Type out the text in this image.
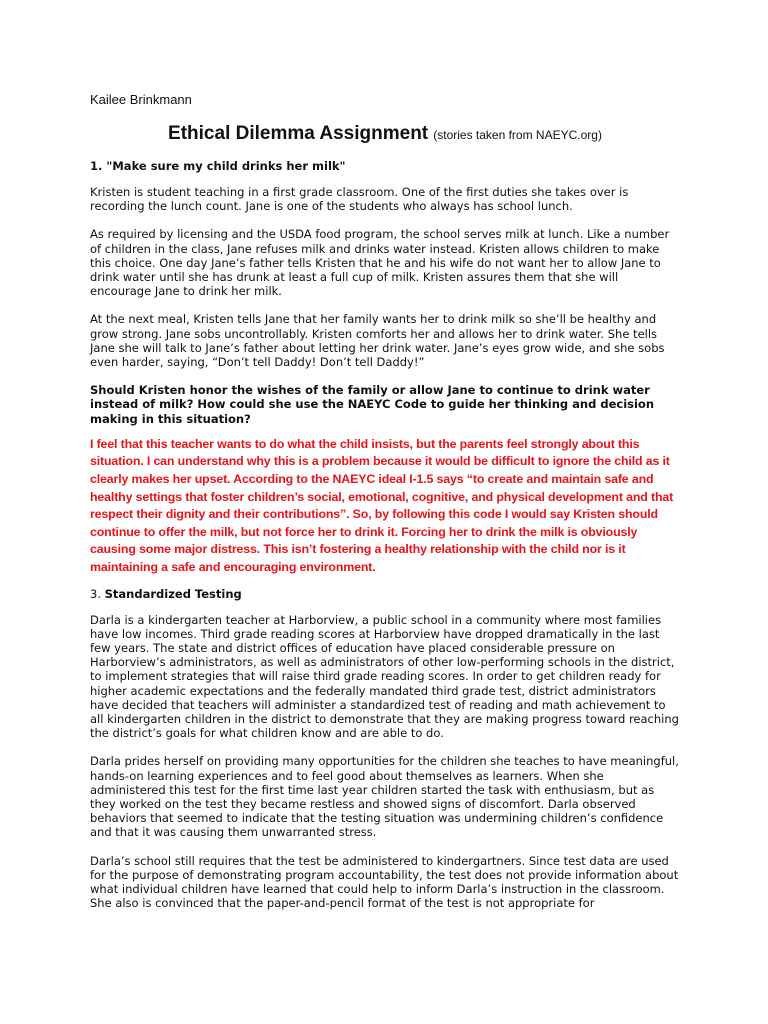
Kailee Brinkmann
Ethical Dilemma Assignment (stories taken from NAEYC.org)
1. "Make sure my child drinks her milk"

Kristen is student teaching in a first grade classroom. One of the first duties she takes over is recording the lunch count. Jane is one of the students who always has school lunch.

As required by licensing and the USDA food program, the school serves milk at lunch. Like a number of children in the class, Jane refuses milk and drinks water instead. Kristen allows children to make this choice. One day Jane’s father tells Kristen that he and his wife do not want her to allow Jane to drink water until she has drunk at least a full cup of milk. Kristen assures them that she will encourage Jane to drink her milk.

At the next meal, Kristen tells Jane that her family wants her to drink milk so she’ll be healthy and grow strong. Jane sobs uncontrollably. Kristen comforts her and allows her to drink water. She tells Jane she will talk to Jane’s father about letting her drink water. Jane’s eyes grow wide, and she sobs even harder, saying, “Don’t tell Daddy! Don’t tell Daddy!”

Should Kristen honor the wishes of the family or allow Jane to continue to drink water instead of milk? How could she use the NAEYC Code to guide her thinking and decision making in this situation?

I feel that this teacher wants to do what the child insists, but the parents feel strongly about this situation. I can understand why this is a problem because it would be difficult to ignore the child as it clearly makes her upset. According to the NAEYC ideal I-1.5 says “to create and maintain safe and healthy settings that foster children’s social, emotional, cognitive, and physical development and that respect their dignity and their contributions”. So, by following this code I would say Kristen should continue to offer the milk, but not force her to drink it. Forcing her to drink the milk is obviously causing some major distress. This isn’t fostering a healthy relationship with the child nor is it maintaining a safe and encouraging environment.

3. Standardized Testing

Darla is a kindergarten teacher at Harborview, a public school in a community where most families have low incomes. Third grade reading scores at Harborview have dropped dramatically in the last few years. The state and district offices of education have placed considerable pressure on Harborview’s administrators, as well as administrators of other low-performing schools in the district, to implement strategies that will raise third grade reading scores. In order to get children ready for higher academic expectations and the federally mandated third grade test, district administrators have decided that teachers will administer a standardized test of reading and math achievement to all kindergarten children in the district to demonstrate that they are making progress toward reaching the district’s goals for what children know and are able to do.

Darla prides herself on providing many opportunities for the children she teaches to have meaningful, hands-on learning experiences and to feel good about themselves as learners. When she administered this test for the first time last year children started the task with enthusiasm, but as they worked on the test they became restless and showed signs of discomfort. Darla observed behaviors that seemed to indicate that the testing situation was undermining children’s confidence and that it was causing them unwarranted stress.

Darla’s school still requires that the test be administered to kindergartners. Since test data are used for the purpose of demonstrating program accountability, the test does not provide information about what individual children have learned that could help to inform Darla’s instruction in the classroom. She also is convinced that the paper-and-pencil format of the test is not appropriate for
